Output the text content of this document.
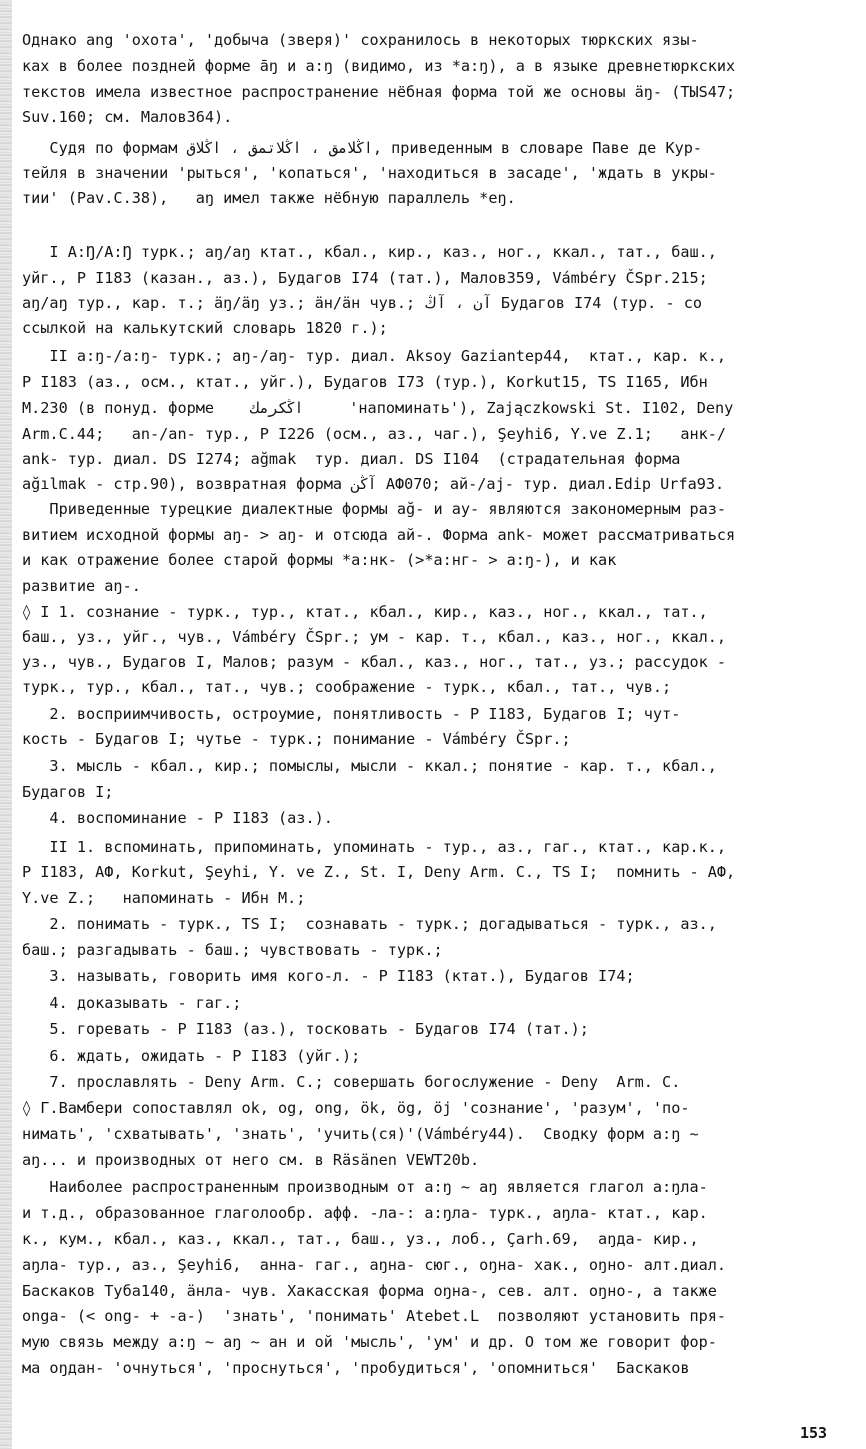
Однако ang 'охота', 'добыча (зверя)' сохранилось в некоторых тюркских язы-
ках в более поздней форме а̄ŋ и а:ŋ (видимо, из *а:ŋ), а в языке древнетюркских
текстов имела известное распространение нёбная форма той же основы äŋ- (ТЫS47;
Suv.160; см. Малов364).
Судя по формам اڭلامق ، اڭلاتمق ، اڭلاق, приведенным в словаре Паве де Кур-
тейля в значении 'рыться', 'копаться', 'находиться в засаде', 'ждать в укры-
тии' (Pav.C.38),   аŋ имел также нёбную параллель *еŋ.
I А:Ŋ/А:Ŋ турк.; аŋ/аŋ ктат., кбал., кир., каз., ног., ккал., тат., баш.,
уйг., Р I183 (казан., аз.), Будагов I74 (тат.), Малов359, Vámbéry ČSpr.215;
аŋ/аŋ тур., кар. т.; äŋ/äŋ уз.; äн/äн чув.; آن ، آڭ Будагов I74 (тур. - со
ссылкой на калькутский словарь 1820 г.);
II а:ŋ-/а:ŋ- турк.; аŋ-/аŋ- тур. диал. Aksoy Gaziantep44,  ктат., кар. к.,
Р I183 (аз., осм., ктат., уйг.), Будагов I73 (тур.), Korkut15, TS I165, Ибн
М.230 (в понуд. форме    اڭكرمك     'напоминать'), Zajączkowski St. I102, Deny
Arm.C.44;   аn-/an- тур., Р I226 (осм., аз., чаг.), Şeyhi6, Y.ve Z.1;   анк-/
ank- тур. диал. DS I274; ağmak  тур. диал. DS I104  (страдательная форма
ağılmak - стр.90), возвратная форма آڭن АФ070; ай-/aj- тур. диал.Edip Urfa93.
Приведенные турецкие диалектные формы аğ- и ау- являются закономерным раз-
витием исходной формы аŋ- > аŋ- и отсюда ай-. Форма ank- может рассматриваться
и как отражение более старой формы *а:нк- (>*а:нг- > а:ŋ-), и как
развитие аŋ-.
◊ I 1. сознание - турк., тур., ктат., кбал., кир., каз., ног., ккал., тат.,
баш., уз., уйг., чув., Vámbéry ČSpr.; ум - кар. т., кбал., каз., ног., ккал.,
уз., чув., Будагов I, Малов; разум - кбал., каз., ног., тат., уз.; рассудок -
турк., тур., кбал., тат., чув.; соображение - турк., кбал., тат., чув.;
2. восприимчивость, остроумие, понятливость - Р I183, Будагов I; чут-
кость - Будагов I; чутье - турк.; понимание - Vámbéry ČSpr.;
3. мысль - кбал., кир.; помыслы, мысли - ккал.; понятие - кар. т., кбал.,
Будагов I;
4. воспоминание - Р I183 (аз.).
II 1. вспоминать, припоминать, упоминать - тур., аз., гаг., ктат., кар.к.,
Р I183, АФ, Korkut, Şeyhi, Y. ve Z., St. I, Deny Arm. C., TS I;  помнить - АФ,
Y.ve Z.;   напоминать - Ибн М.;
2. понимать - турк., TS I;  сознавать - турк.; догадываться - турк., аз.,
баш.; разгадывать - баш.; чувствовать - турк.;
3. называть, говорить имя кого-л. - Р I183 (ктат.), Будагов I74;
4. доказывать - гаг.;
5. горевать - Р I183 (аз.), тосковать - Будагов I74 (тат.);
6. ждать, ожидать - Р I183 (уйг.);
7. прославлять - Deny Arm. C.; совершать богослужение - Deny  Arm. C.
◊ Г.Вамбери сопоставлял ok, og, ong, ök, ög, öj 'сознание', 'разум', 'по-
нимать', 'схватывать', 'знать', 'учить(ся)'(Vámbéry44).  Сводку форм а:ŋ ~
аŋ... и производных от него см. в Räsänen VEWT20b.
Наиболее распространенным производным от а:ŋ ~ аŋ является глагол а:ŋла-
и т.д., образованное глаголообр. афф. -ла-: а:ŋла- турк., аŋла- ктат., кар.
к., кум., кбал., каз., ккал., тат., баш., уз., лоб., Çarh.69,  аŋда- кир.,
аŋла- тур., аз., Şeyhi6,  анна- гаг., аŋна- сюг., оŋна- хак., оŋно- алт.диал.
Баскаков Туба140, äнла- чув. Хакасская форма оŋна-, сев. алт. оŋно-, а также
onga- (< ong- + -a-)  'знать', 'понимать' Atebet.L  позволяют установить пря-
мую связь между а:ŋ ~ аŋ ~ ан и ой 'мысль', 'ум' и др. О том же говорит фор-
ма оŋдан- 'очнуться', 'проснуться', 'пробудиться', 'опомниться'  Баскаков
153
